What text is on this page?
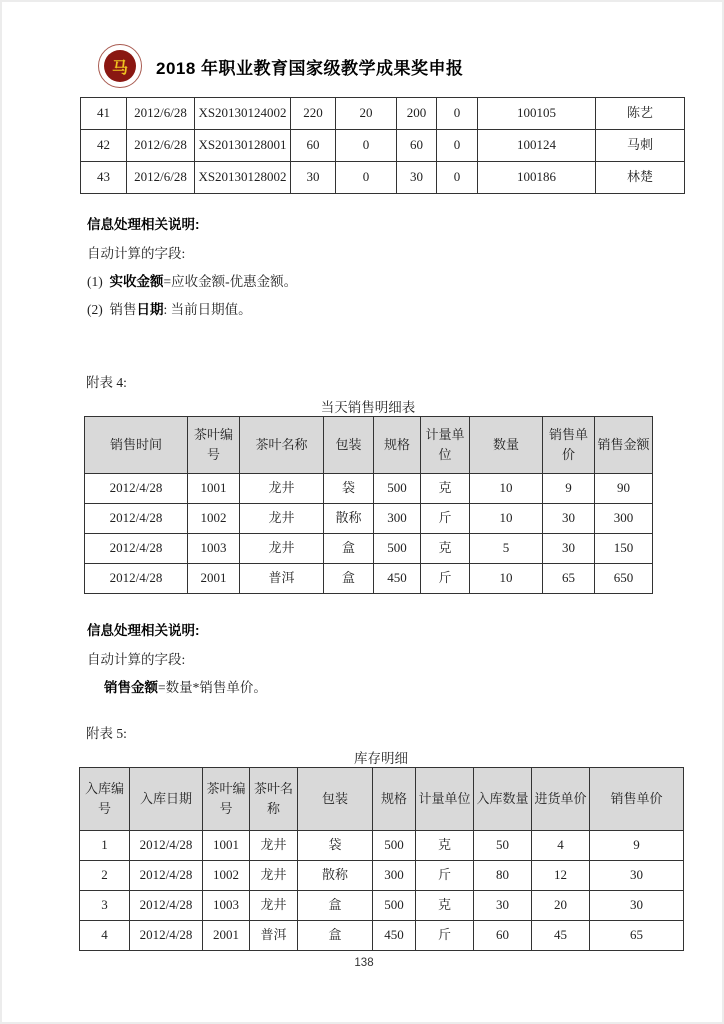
马	2018 年职业教育国家级教学成果奖申报
41	2012/6/28	XS20130124002	220	20	200	0	100105	陈艺
42	2012/6/28	XS20130128001	60	0	60	0	100124	马刺
43	2012/6/28	XS20130128002	30	0	30	0	100186	林楚
信息处理相关说明:
自动计算的字段:
(1) 实收金额=应收金额-优惠金额。
(2) 销售日期: 当前日期值。
附表 4:
当天销售明细表
销售时间	茶叶编号	茶叶名称	包装	规格	计量单位	数量	销售单价	销售金额
2012/4/28	1001	龙井	袋	500	克	10	9	90
2012/4/28	1002	龙井	散称	300	斤	10	30	300
2012/4/28	1003	龙井	盒	500	克	5	30	150
2012/4/28	2001	普洱	盒	450	斤	10	65	650
信息处理相关说明:
自动计算的字段:
销售金额=数量*销售单价。
附表 5:
库存明细
入库编号	入库日期	茶叶编号	茶叶名称	包装	规格	计量单位	入库数量	进货单价	销售单价
1	2012/4/28	1001	龙井	袋	500	克	50	4	9
2	2012/4/28	1002	龙井	散称	300	斤	80	12	30
3	2012/4/28	1003	龙井	盒	500	克	30	20	30
4	2012/4/28	2001	普洱	盒	450	斤	60	45	65
138
